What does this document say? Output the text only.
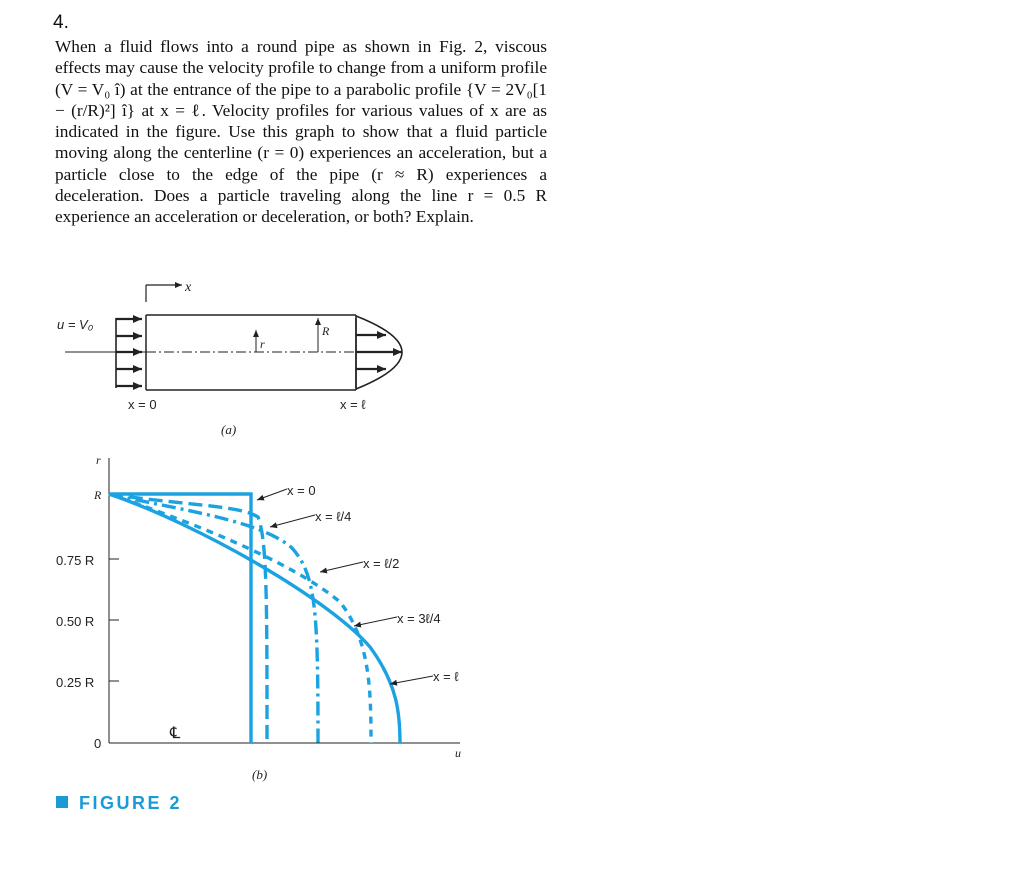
4.
When a fluid flows into a round pipe as shown in Fig. 2, viscous effects may cause the velocity profile to change from a uniform profile (V = V₀ î) at the entrance of the pipe to a parabolic profile {V = 2V₀[1 − (r/R)²] î} at x = ℓ. Velocity profiles for various values of x are as indicated in the figure. Use this graph to show that a fluid particle moving along the centerline (r = 0) experiences an acceleration, but a particle close to the edge of the pipe (r ≈ R) experiences a deceleration. Does a particle traveling along the line r = 0.5 R experience an acceleration or deceleration, or both? Explain.
x
u = V₀
r
R
x = 0	x = ℓ
(a)
r
u
R
0.75 R
0.50 R
0.25 R
0
℄
x = 0
x = ℓ/4
x = ℓ/2
x = 3ℓ/4
x = ℓ
(b)
FIGURE 2
